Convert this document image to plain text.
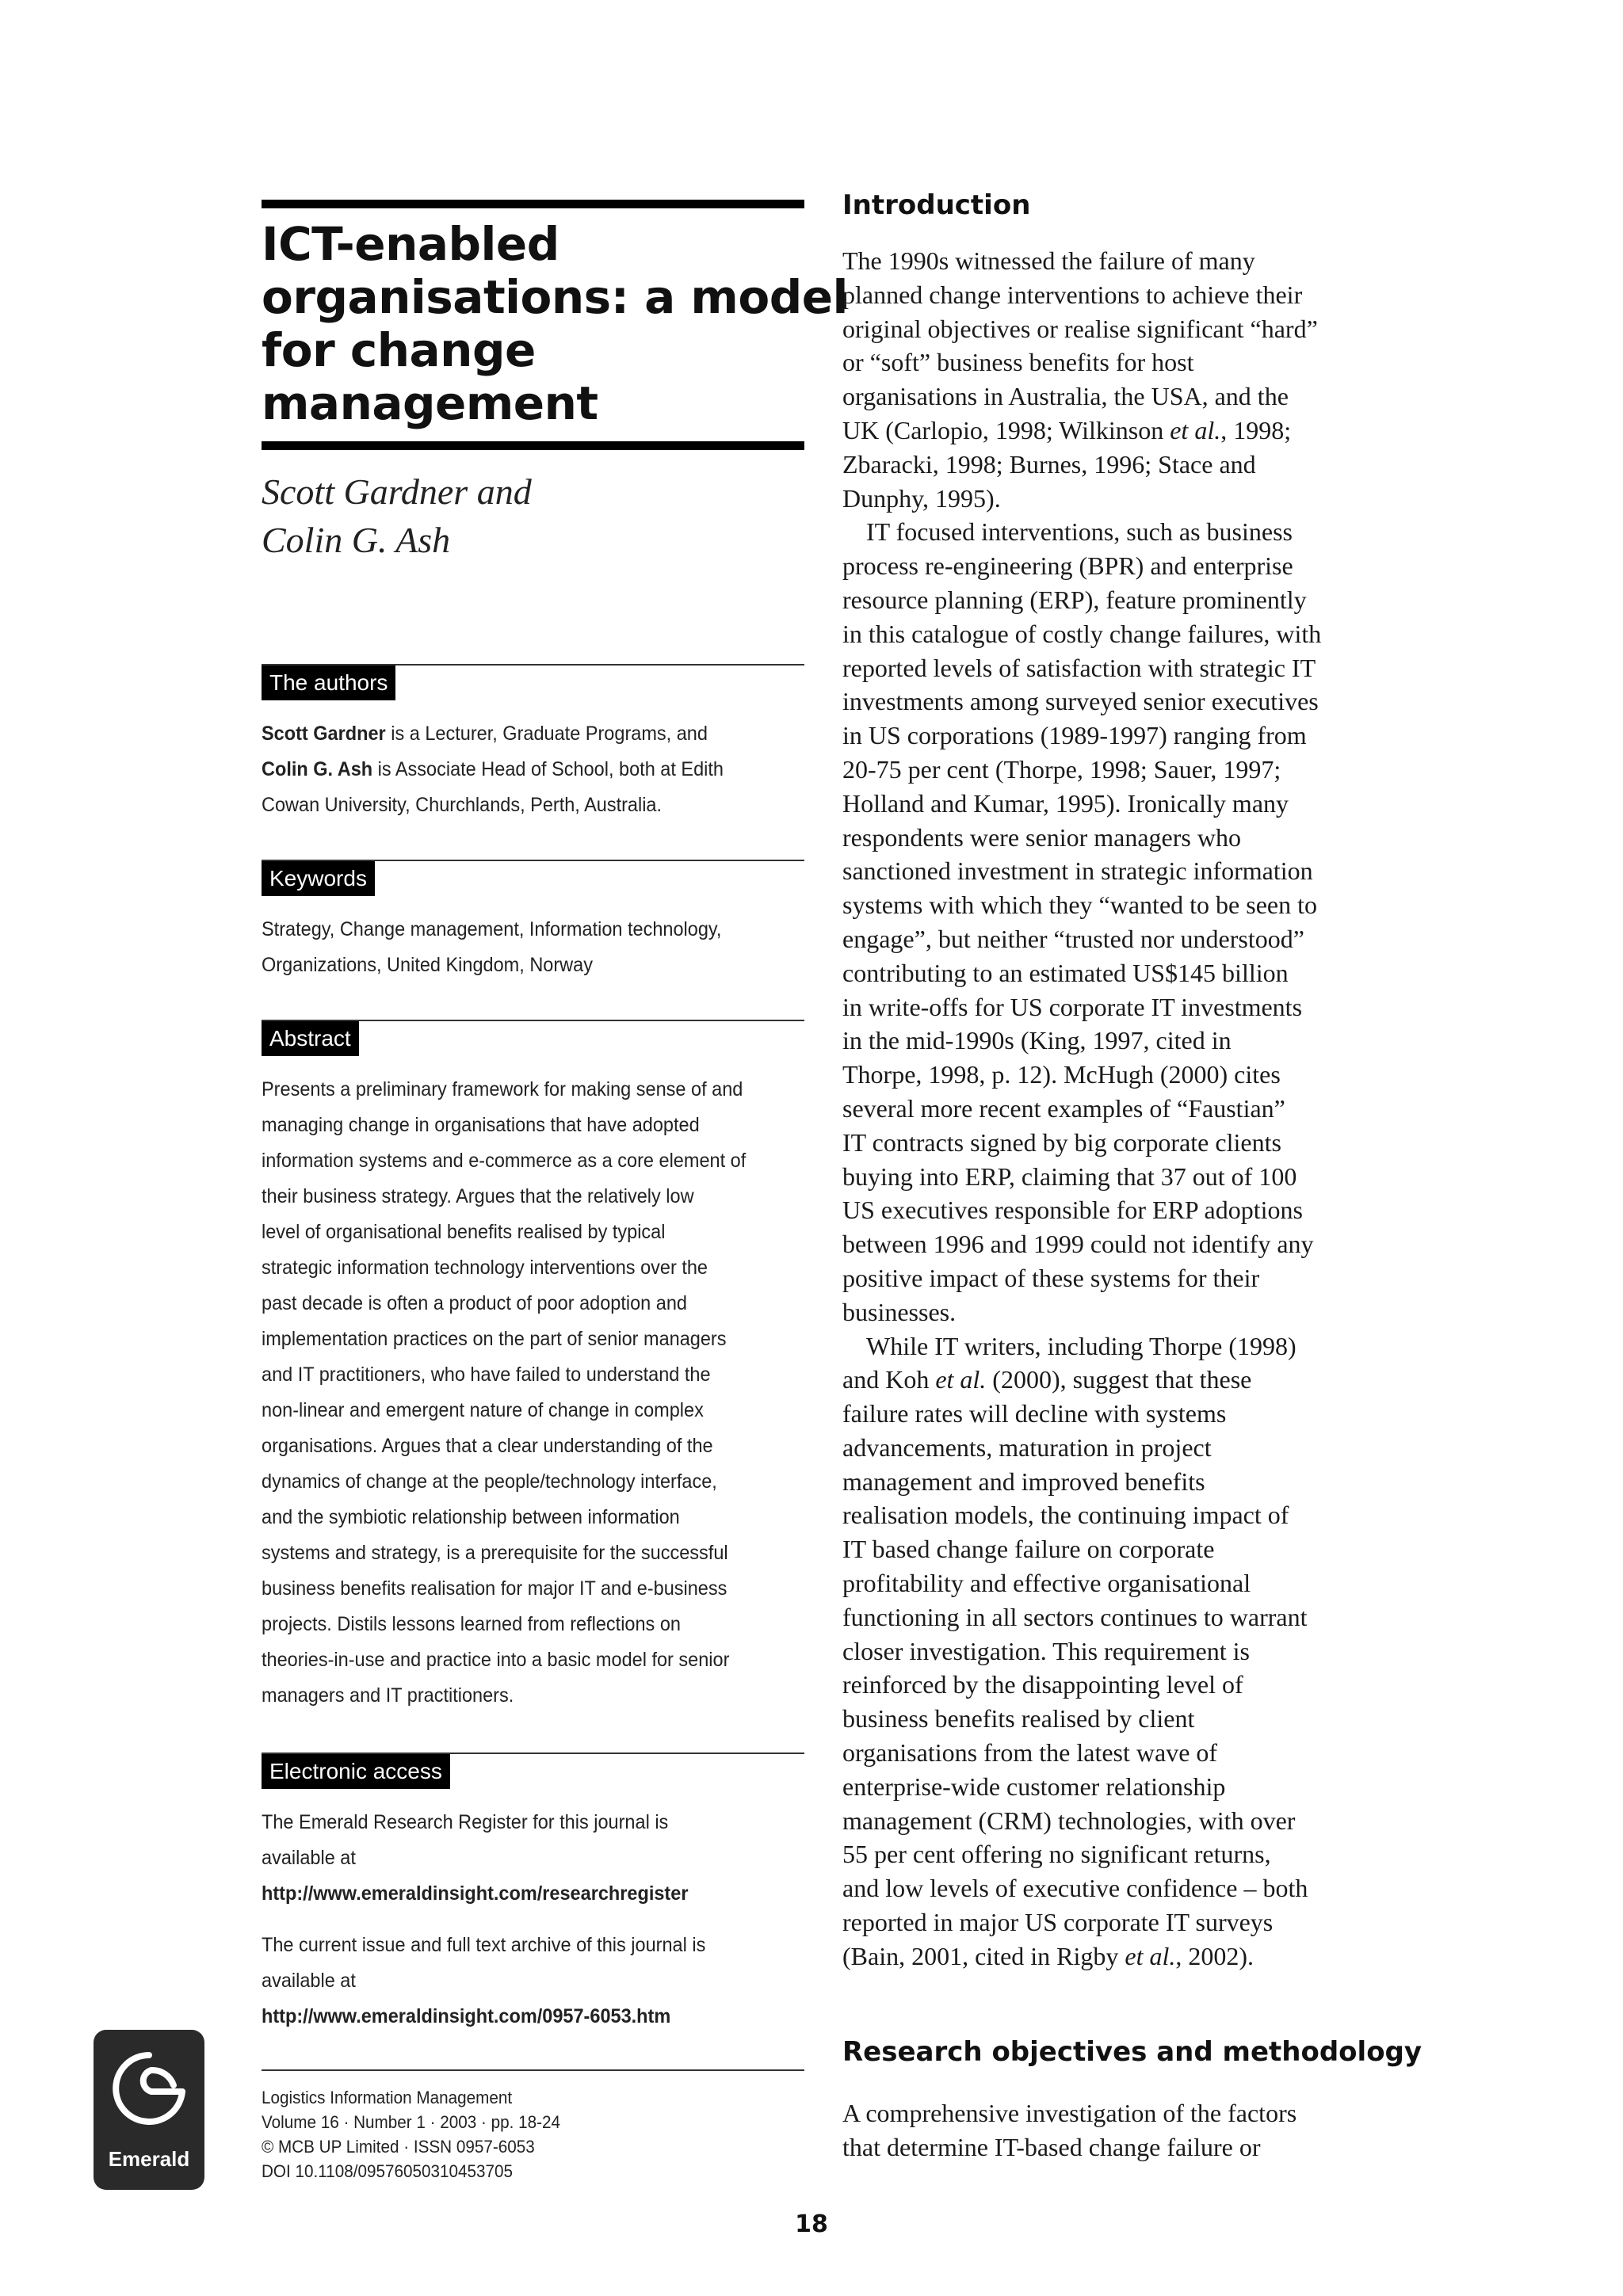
ICT-enabled
organisations: a model
for change
management
Scott Gardner and
Colin G. Ash
The authors
Scott Gardner is a Lecturer, Graduate Programs, and
Colin G. Ash is Associate Head of School, both at Edith
Cowan University, Churchlands, Perth, Australia.
Keywords
Strategy, Change management, Information technology,
Organizations, United Kingdom, Norway
Abstract
Presents a preliminary framework for making sense of and
managing change in organisations that have adopted
information systems and e-commerce as a core element of
their business strategy. Argues that the relatively low
level of organisational benefits realised by typical
strategic information technology interventions over the
past decade is often a product of poor adoption and
implementation practices on the part of senior managers
and IT practitioners, who have failed to understand the
non-linear and emergent nature of change in complex
organisations. Argues that a clear understanding of the
dynamics of change at the people/technology interface,
and the symbiotic relationship between information
systems and strategy, is a prerequisite for the successful
business benefits realisation for major IT and e-business
projects. Distils lessons learned from reflections on
theories-in-use and practice into a basic model for senior
managers and IT practitioners.
Electronic access
The Emerald Research Register for this journal is
available at
http://www.emeraldinsight.com/researchregister
The current issue and full text archive of this journal is
available at
http://www.emeraldinsight.com/0957-6053.htm
Emerald
Logistics Information Management
Volume 16 · Number 1 · 2003 · pp. 18-24
© MCB UP Limited · ISSN 0957-6053
DOI 10.1108/09576050310453705
Introduction
The 1990s witnessed the failure of many
planned change interventions to achieve their
original objectives or realise significant “hard”
or “soft” business benefits for host
organisations in Australia, the USA, and the
UK (Carlopio, 1998; Wilkinson et al., 1998;
Zbaracki, 1998; Burnes, 1996; Stace and
Dunphy, 1995).
IT focused interventions, such as business
process re-engineering (BPR) and enterprise
resource planning (ERP), feature prominently
in this catalogue of costly change failures, with
reported levels of satisfaction with strategic IT
investments among surveyed senior executives
in US corporations (1989-1997) ranging from
20-75 per cent (Thorpe, 1998; Sauer, 1997;
Holland and Kumar, 1995). Ironically many
respondents were senior managers who
sanctioned investment in strategic information
systems with which they “wanted to be seen to
engage”, but neither “trusted nor understood”
contributing to an estimated US$145 billion
in write-offs for US corporate IT investments
in the mid-1990s (King, 1997, cited in
Thorpe, 1998, p. 12). McHugh (2000) cites
several more recent examples of “Faustian”
IT contracts signed by big corporate clients
buying into ERP, claiming that 37 out of 100
US executives responsible for ERP adoptions
between 1996 and 1999 could not identify any
positive impact of these systems for their
businesses.
While IT writers, including Thorpe (1998)
and Koh et al. (2000), suggest that these
failure rates will decline with systems
advancements, maturation in project
management and improved benefits
realisation models, the continuing impact of
IT based change failure on corporate
profitability and effective organisational
functioning in all sectors continues to warrant
closer investigation. This requirement is
reinforced by the disappointing level of
business benefits realised by client
organisations from the latest wave of
enterprise-wide customer relationship
management (CRM) technologies, with over
55 per cent offering no significant returns,
and low levels of executive confidence – both
reported in major US corporate IT surveys
(Bain, 2001, cited in Rigby et al., 2002).
Research objectives and methodology
A comprehensive investigation of the factors
that determine IT-based change failure or
18
